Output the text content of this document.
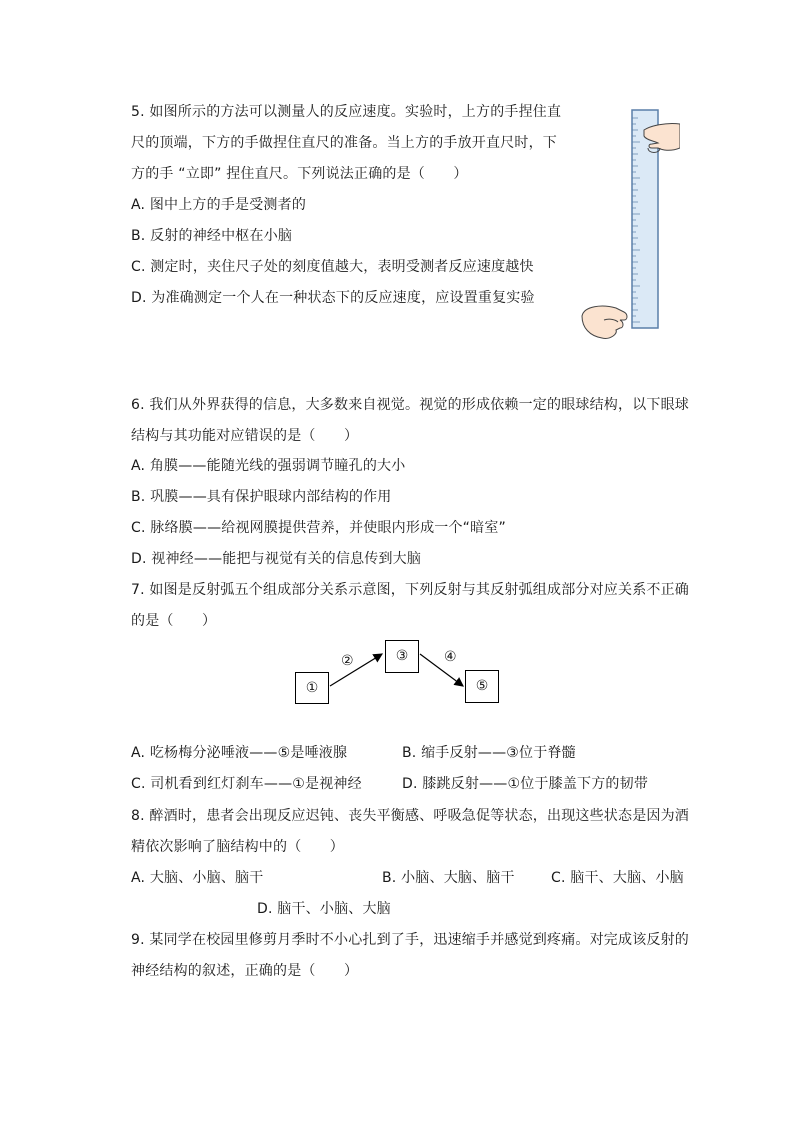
5. 如图所示的方法可以测量人的反应速度。实验时，上方的手捏住直
尺的顶端，下方的手做捏住直尺的准备。当上方的手放开直尺时，下
方的手 “立即” 捏住直尺。下列说法正确的是（　　）
A. 图中上方的手是受测者的
B. 反射的神经中枢在小脑
C. 测定时，夹住尺子处的刻度值越大，表明受测者反应速度越快
D. 为准确测定一个人在一种状态下的反应速度，应设置重复实验
6. 我们从外界获得的信息，大多数来自视觉。视觉的形成依赖一定的眼球结构，以下眼球
结构与其功能对应错误的是（　　）
A. 角膜——能随光线的强弱调节瞳孔的大小
B. 巩膜——具有保护眼球内部结构的作用
C. 脉络膜——给视网膜提供营养，并使眼内形成一个“暗室”
D. 视神经——能把与视觉有关的信息传到大脑
7. 如图是反射弧五个组成部分关系示意图，下列反射与其反射弧组成部分对应关系不正确
的是（　　）
①
②	③	④
⑤
A. 吃杨梅分泌唾液——⑤是唾液腺	B. 缩手反射——③位于脊髓
C. 司机看到红灯刹车——①是视神经	D. 膝跳反射——①位于膝盖下方的韧带
8. 醉酒时，患者会出现反应迟钝、丧失平衡感、呼吸急促等状态，出现这些状态是因为酒
精依次影响了脑结构中的（　　）
A. 大脑、小脑、脑干	B. 小脑、大脑、脑干	C. 脑干、大脑、小脑
D. 脑干、小脑、大脑
9. 某同学在校园里修剪月季时不小心扎到了手，迅速缩手并感觉到疼痛。对完成该反射的
神经结构的叙述，正确的是（　　）
